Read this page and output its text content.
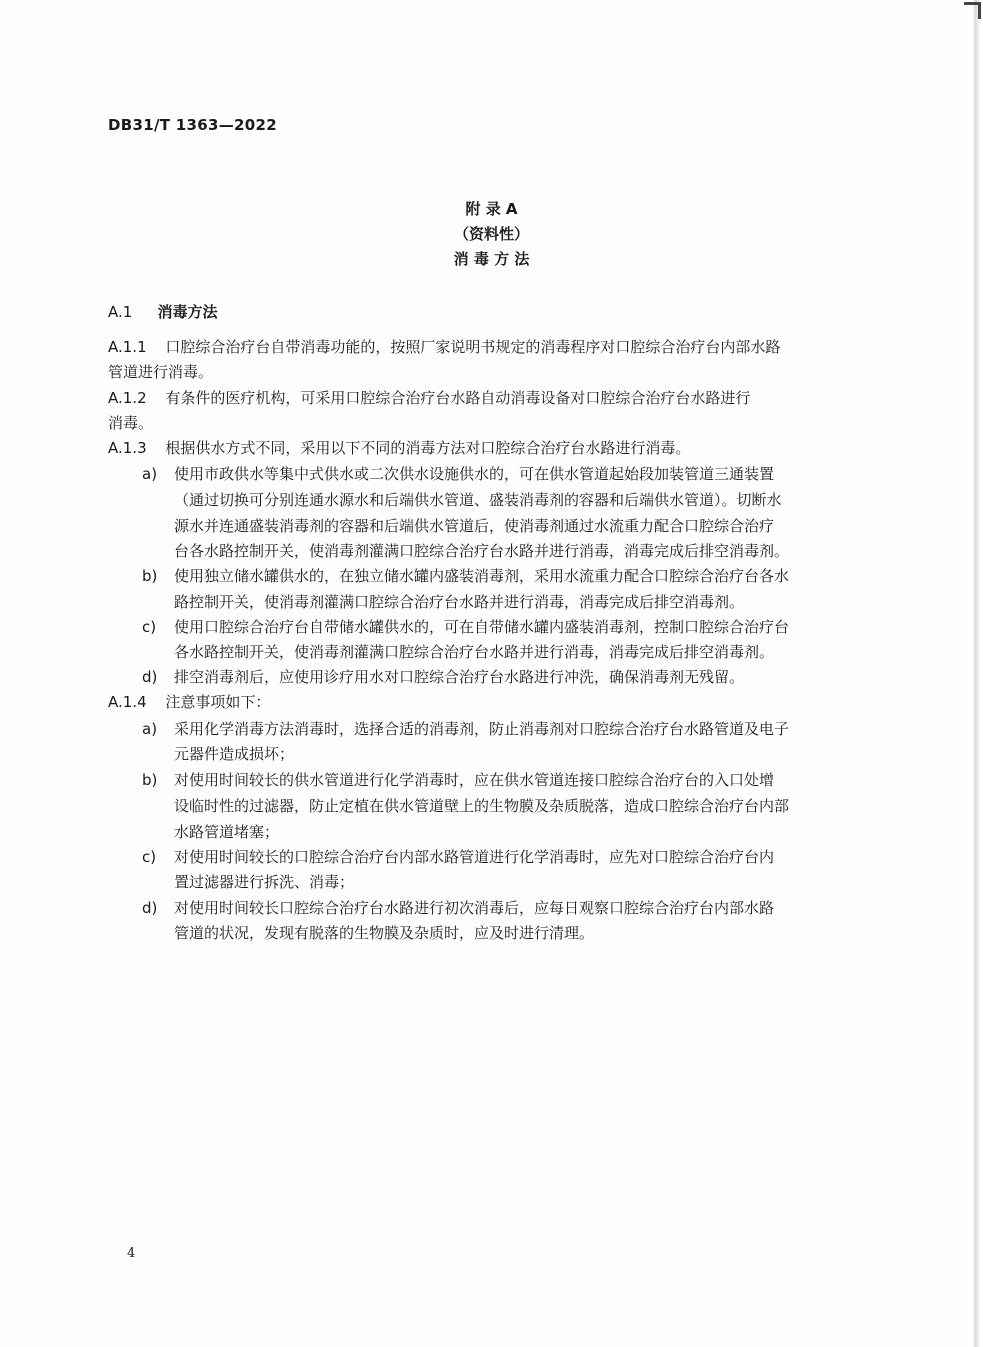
DB31/T 1363—2022
附 录 A
（资料性）
消 毒 方 法
A.1 消毒方法
A.1.1 口腔综合治疗台自带消毒功能的，按照厂家说明书规定的消毒程序对口腔综合治疗台内部水路
管道进行消毒。
A.1.2 有条件的医疗机构，可采用口腔综合治疗台水路自动消毒设备对口腔综合治疗台水路进行
消毒。
A.1.3 根据供水方式不同，采用以下不同的消毒方法对口腔综合治疗台水路进行消毒。
a) 使用市政供水等集中式供水或二次供水设施供水的，可在供水管道起始段加装管道三通装置
（通过切换可分别连通水源水和后端供水管道、盛装消毒剂的容器和后端供水管道）。切断水
源水并连通盛装消毒剂的容器和后端供水管道后，使消毒剂通过水流重力配合口腔综合治疗
台各水路控制开关，使消毒剂灌满口腔综合治疗台水路并进行消毒，消毒完成后排空消毒剂。
b) 使用独立储水罐供水的，在独立储水罐内盛装消毒剂，采用水流重力配合口腔综合治疗台各水
路控制开关，使消毒剂灌满口腔综合治疗台水路并进行消毒，消毒完成后排空消毒剂。
c) 使用口腔综合治疗台自带储水罐供水的，可在自带储水罐内盛装消毒剂，控制口腔综合治疗台
各水路控制开关，使消毒剂灌满口腔综合治疗台水路并进行消毒，消毒完成后排空消毒剂。
d) 排空消毒剂后，应使用诊疗用水对口腔综合治疗台水路进行冲洗，确保消毒剂无残留。
A.1.4 注意事项如下：
a) 采用化学消毒方法消毒时，选择合适的消毒剂，防止消毒剂对口腔综合治疗台水路管道及电子
元器件造成损坏；
b) 对使用时间较长的供水管道进行化学消毒时，应在供水管道连接口腔综合治疗台的入口处增
设临时性的过滤器，防止定植在供水管道壁上的生物膜及杂质脱落，造成口腔综合治疗台内部
水路管道堵塞；
c) 对使用时间较长的口腔综合治疗台内部水路管道进行化学消毒时，应先对口腔综合治疗台内
置过滤器进行拆洗、消毒；
d) 对使用时间较长口腔综合治疗台水路进行初次消毒后，应每日观察口腔综合治疗台内部水路
管道的状况，发现有脱落的生物膜及杂质时，应及时进行清理。
4
